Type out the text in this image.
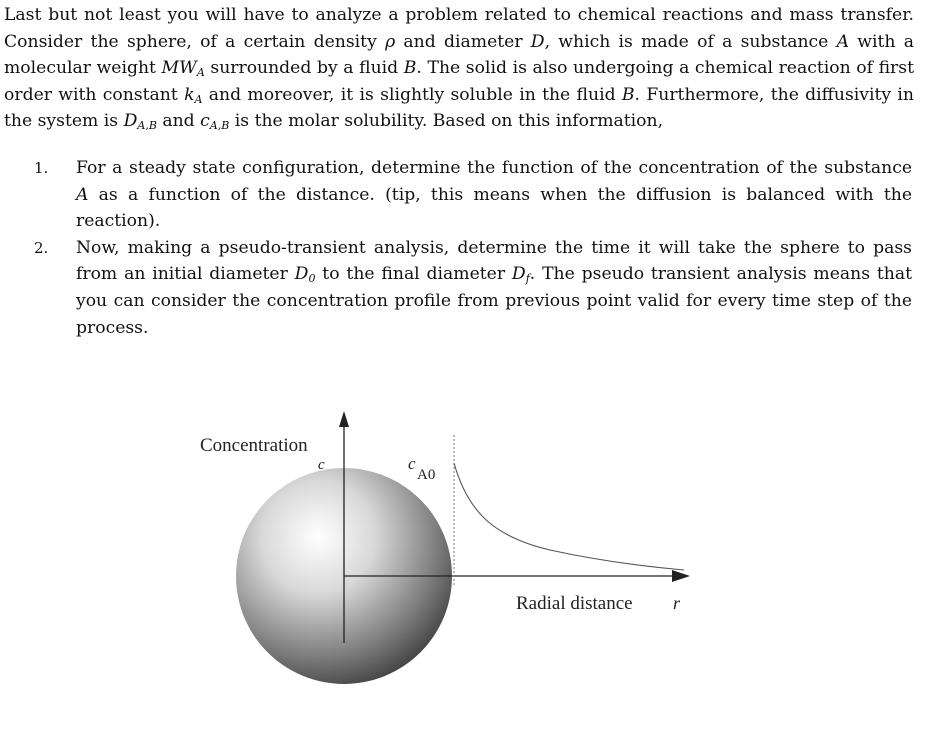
Last but not least you will have to analyze a problem related to chemical reactions and mass transfer. Consider the sphere, of a certain density ρ and diameter D, which is made of a substance A with a molecular weight $MW_A$ surrounded by a fluid B. The solid is also undergoing a chemical reaction of first order with constant $k_A$ and moreover, it is slightly soluble in the fluid B. Furthermore, the diffusivity in the system is $D_{A,B}$ and $c_{A,B}$ is the molar solubility. Based on this information,
1. For a steady state configuration, determine the function of the concentration of the substance A as a function of the distance. (tip, this means when the diffusion is balanced with the reaction).
2. Now, making a pseudo-transient analysis, determine the time it will take the sphere to pass from an initial diameter $D_0$ to the final diameter $D_f$. The pseudo transient analysis means that you can consider the concentration profile from previous point valid for every time step of the process.
Concentration
c	c
A0
Radial distance r
